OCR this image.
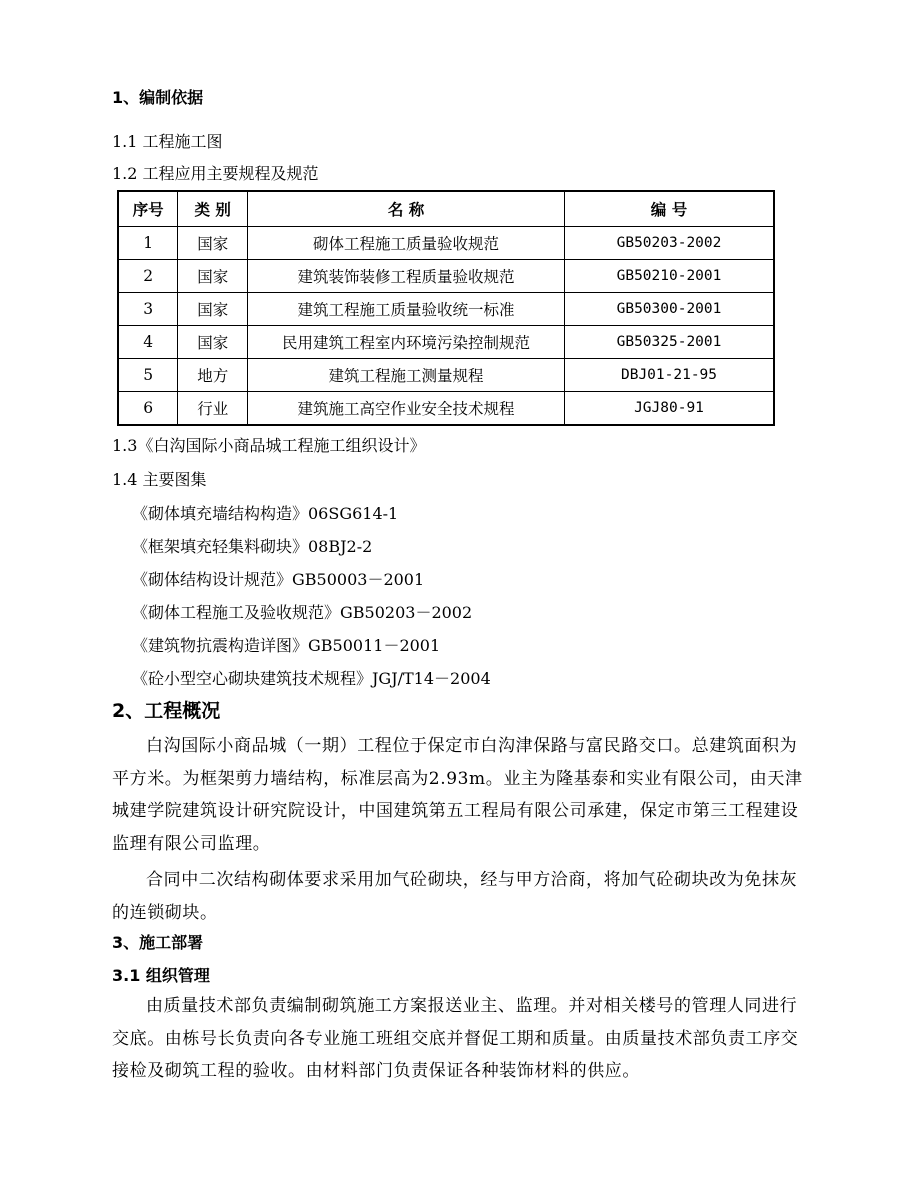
1、编制依据
1.1 工程施工图
1.2 工程应用主要规程及规范
序号	类 别	名 称	编 号
1	国家	砌体工程施工质量验收规范	GB50203-2002
2	国家	建筑装饰装修工程质量验收规范	GB50210-2001
3	国家	建筑工程施工质量验收统一标准	GB50300-2001
4	国家	民用建筑工程室内环境污染控制规范	GB50325-2001
5	地方	建筑工程施工测量规程	DBJ01-21-95
6	行业	建筑施工高空作业安全技术规程	JGJ80-91
1.3《白沟国际小商品城工程施工组织设计》
1.4 主要图集
《砌体填充墙结构构造》06SG614-1
《框架填充轻集料砌块》08BJ2-2
《砌体结构设计规范》GB50003－2001
《砌体工程施工及验收规范》GB50203－2002
《建筑物抗震构造详图》GB50011－2001
《砼小型空心砌块建筑技术规程》JGJ/T14－2004
2、工程概况
白沟国际小商品城（一期）工程位于保定市白沟津保路与富民路交口。总建筑面积为平方米。为框架剪力墙结构，标准层高为2.93m。业主为隆基泰和实业有限公司，由天津城建学院建筑设计研究院设计，中国建筑第五工程局有限公司承建，保定市第三工程建设监理有限公司监理。
合同中二次结构砌体要求采用加气砼砌块，经与甲方洽商，将加气砼砌块改为免抹灰的连锁砌块。
3、施工部署
3.1 组织管理
由质量技术部负责编制砌筑施工方案报送业主、监理。并对相关楼号的管理人同进行交底。由栋号长负责向各专业施工班组交底并督促工期和质量。由质量技术部负责工序交接检及砌筑工程的验收。由材料部门负责保证各种装饰材料的供应。
